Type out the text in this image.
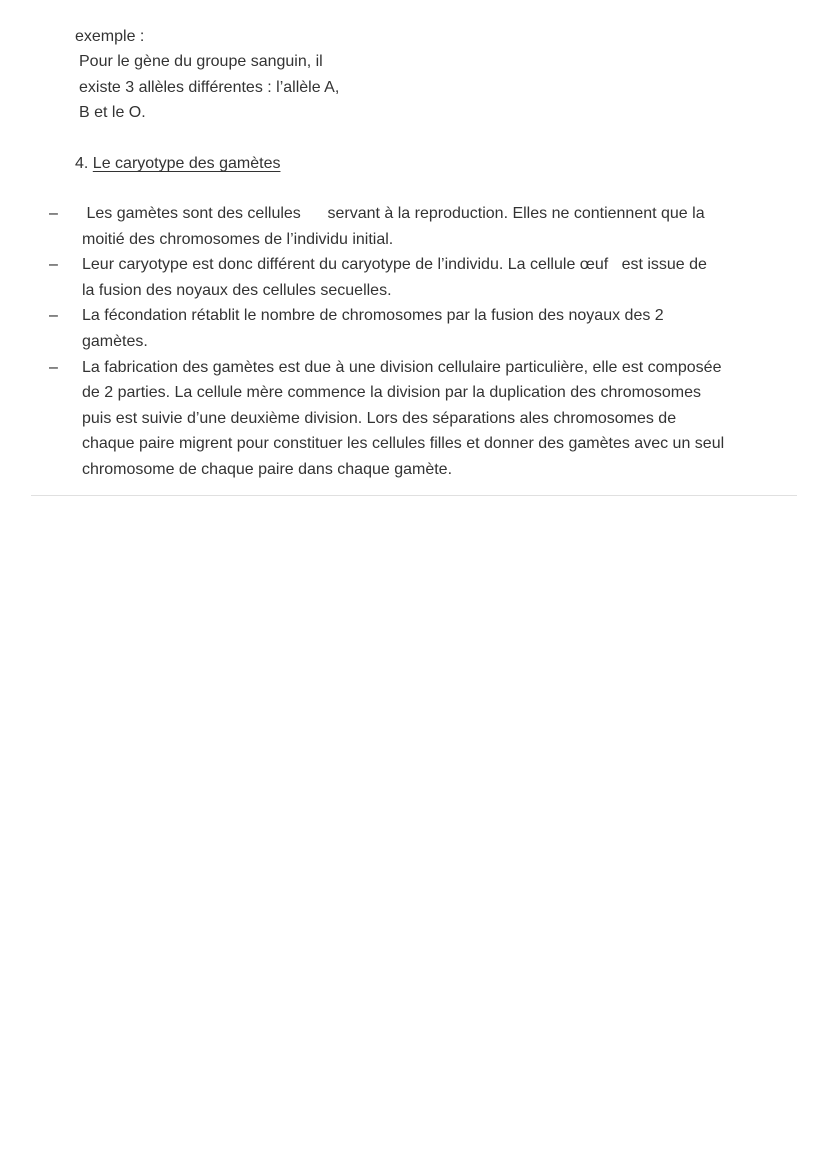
exemple :
Pour le gène du groupe sanguin, il
existe 3 allèles différentes : l’allèle A,
B et le O.
4. Le caryotype des gamètes
– Les gamètes sont des cellules      servant à la reproduction. Elles ne contiennent que la
moitié des chromosomes de l’individu initial.
– Leur caryotype est donc différent du caryotype de l’individu. La cellule œuf   est issue de
la fusion des noyaux des cellules secuelles.
– La fécondation rétablit le nombre de chromosomes par la fusion des noyaux des 2
gamètes.
– La fabrication des gamètes est due à une division cellulaire particulière, elle est composée
de 2 parties. La cellule mère commence la division par la duplication des chromosomes
puis est suivie d’une deuxième division. Lors des séparations ales chromosomes de
chaque paire migrent pour constituer les cellules filles et donner des gamètes avec un seul
chromosome de chaque paire dans chaque gamète.
